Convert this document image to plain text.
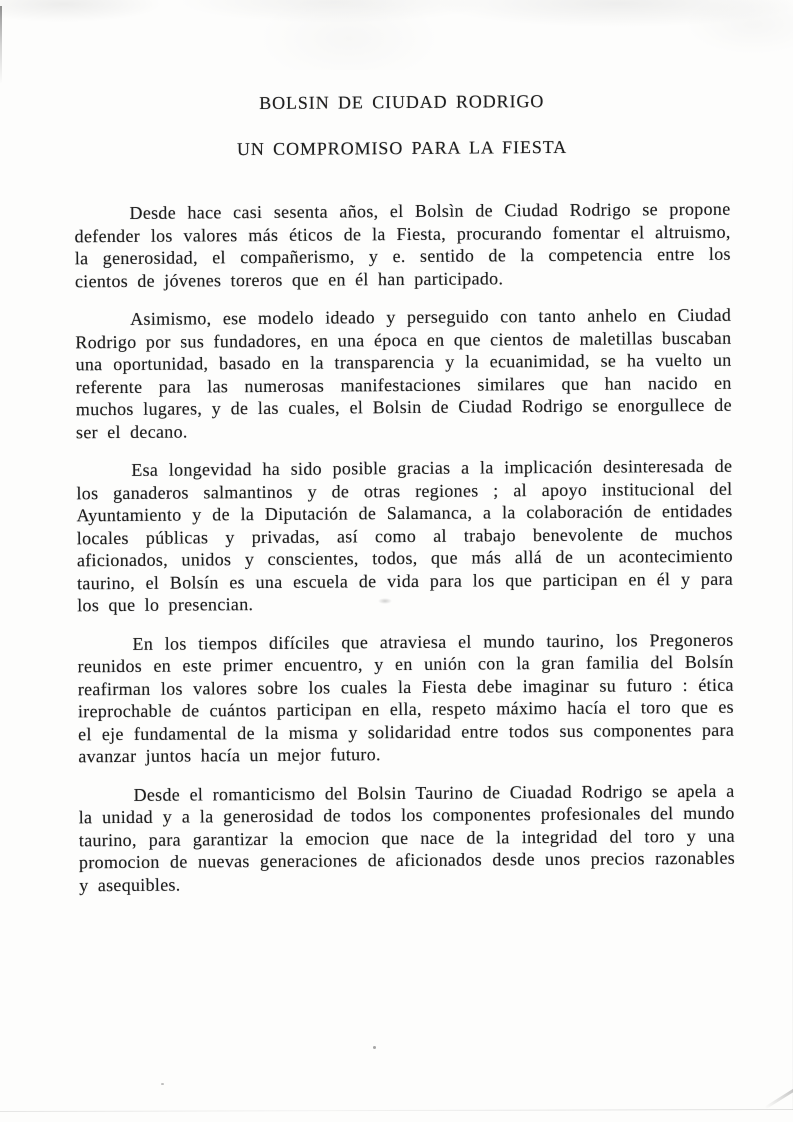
BOLSIN DE CIUDAD RODRIGO
UN COMPROMISO PARA LA FIESTA

Desde hace casi sesenta años, el Bolsìn de Ciudad Rodrigo se propone defender los valores más éticos de la Fiesta, procurando fomentar el altruismo, la generosidad, el compañerismo, y e. sentido de la competencia entre los cientos de jóvenes toreros que en él han participado.

Asimismo, ese modelo ideado y perseguido con tanto anhelo en Ciudad Rodrigo por sus fundadores, en una época en que cientos de maletillas buscaban una oportunidad, basado en la transparencia y la ecuanimidad, se ha vuelto un referente para las numerosas manifestaciones similares que han nacido en muchos lugares, y de las cuales, el Bolsin de Ciudad Rodrigo se enorgullece de ser el decano.

Esa longevidad ha sido posible gracias a la implicación desinteresada de los ganaderos salmantinos y de otras regiones ; al apoyo institucional del Ayuntamiento y de la Diputación de Salamanca, a la colaboración de entidades locales públicas y privadas, así como al trabajo benevolente de muchos aficionados, unidos y conscientes, todos, que más allá de un acontecimiento taurino, el Bolsín es una escuela de vida para los que participan en él y para los que lo presencian.

En los tiempos difíciles que atraviesa el mundo taurino, los Pregoneros reunidos en este primer encuentro, y en unión con la gran familia del Bolsín reafirman los valores sobre los cuales la Fiesta debe imaginar su futuro : ética ireprochable de cuántos participan en ella, respeto máximo hacía el toro que es el eje fundamental de la misma y solidaridad entre todos sus componentes para avanzar juntos hacía un mejor futuro.

Desde el romanticismo del Bolsin Taurino de Ciuadad Rodrigo se apela a la unidad y a la generosidad de todos los componentes profesionales del mundo taurino, para garantizar la emocion que nace de la integridad del toro y una promocion de nuevas generaciones de aficionados desde unos precios razonables y asequibles.
